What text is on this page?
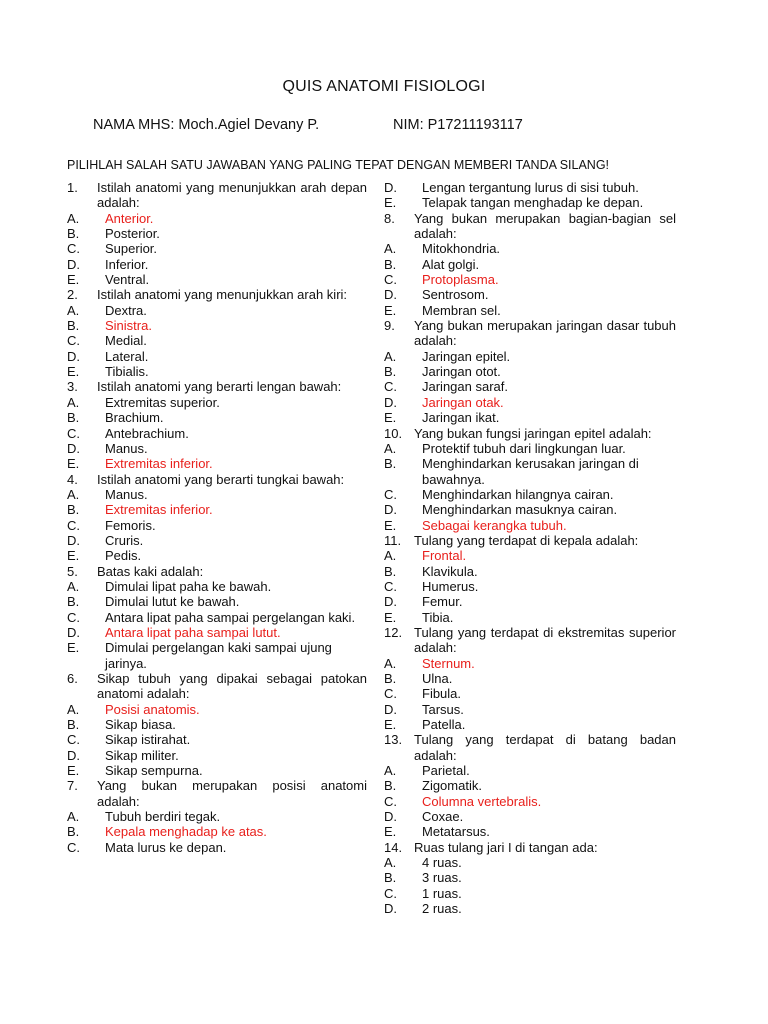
QUIS ANATOMI FISIOLOGI
NAMA MHS: Moch.Agiel Devany P.	NIM: P17211193117
PILIHLAH SALAH SATU JAWABAN YANG PALING TEPAT DENGAN MEMBERI TANDA SILANG!
1.	Istilah anatomi yang menunjukkan arah depan adalah:
A.	Anterior.
B.	Posterior.
C.	Superior.
D.	Inferior.
E.	Ventral.
2.	Istilah anatomi yang menunjukkan arah kiri:
A.	Dextra.
B.	Sinistra.
C.	Medial.
D.	Lateral.
E.	Tibialis.
3.	Istilah anatomi yang berarti lengan bawah:
A.	Extremitas superior.
B.	Brachium.
C.	Antebrachium.
D.	Manus.
E.	Extremitas inferior.
4.	Istilah anatomi yang berarti tungkai bawah:
A.	Manus.
B.	Extremitas inferior.
C.	Femoris.
D.	Cruris.
E.	Pedis.
5.	Batas kaki adalah:
A.	Dimulai lipat paha ke bawah.
B.	Dimulai lutut ke bawah.
C.	Antara lipat paha sampai pergelangan kaki.
D.	Antara lipat paha sampai lutut.
E.	Dimulai pergelangan kaki sampai ujung jarinya.
6.	Sikap tubuh yang dipakai sebagai patokan anatomi adalah:
A.	Posisi anatomis.
B.	Sikap biasa.
C.	Sikap istirahat.
D.	Sikap militer.
E.	Sikap sempurna.
7.	Yang bukan merupakan posisi anatomi adalah:
A.	Tubuh berdiri tegak.
B.	Kepala menghadap ke atas.
C.	Mata lurus ke depan.
D.	Lengan tergantung lurus di sisi tubuh.
E.	Telapak tangan menghadap ke depan.
8.	Yang bukan merupakan bagian-bagian sel adalah:
A.	Mitokhondria.
B.	Alat golgi.
C.	Protoplasma.
D.	Sentrosom.
E.	Membran sel.
9.	Yang bukan merupakan jaringan dasar tubuh adalah:
A.	Jaringan epitel.
B.	Jaringan otot.
C.	Jaringan saraf.
D.	Jaringan otak.
E.	Jaringan ikat.
10. Yang bukan fungsi jaringan epitel adalah:
A.	Protektif tubuh dari lingkungan luar.
B.	Menghindarkan kerusakan jaringan di bawahnya.
C.	Menghindarkan hilangnya cairan.
D.	Menghindarkan masuknya cairan.
E.	Sebagai kerangka tubuh.
11. Tulang yang terdapat di kepala adalah:
A.	Frontal.
B.	Klavikula.
C.	Humerus.
D.	Femur.
E.	Tibia.
12. Tulang yang terdapat di ekstremitas superior adalah:
A.	Sternum.
B.	Ulna.
C.	Fibula.
D.	Tarsus.
E.	Patella.
13. Tulang yang terdapat di batang badan adalah:
A.	Parietal.
B.	Zigomatik.
C.	Columna vertebralis.
D.	Coxae.
E.	Metatarsus.
14. Ruas tulang jari I di tangan ada:
A.	4 ruas.
B.	3 ruas.
C.	1 ruas.
D.	2 ruas.
